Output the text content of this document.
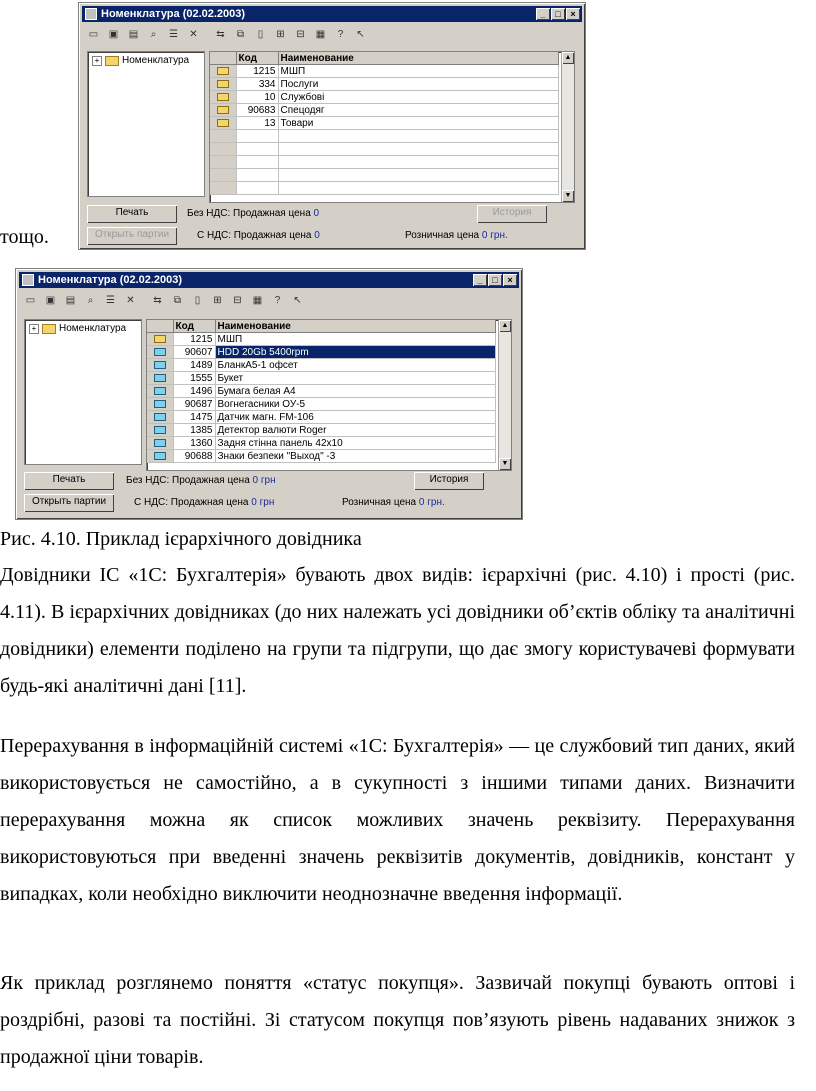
тощо.
Номенклатура (02.02.2003)	_	□	×
▭	▣	▤	⌕	☰	✕	⇆	⧉	▯	⊞	⊟	▦	?	↖
+ Номенклатура
		Код	Наименование

	1215	МШП

	334	Послуги

	10	Службові

	90683	Спецодяг

	13	Товари

▲
▼
Печать
Открыть партии
История
Без НДС: Продажная цена 0
С НДС: Продажная цена 0	Розничная цена 0 грн.
Номенклатура (02.02.2003)	_	□	×
▭	▣	▤	⌕	☰	✕	⇆	⧉	▯	⊞	⊟	▦	?	↖
+ Номенклатура
		Код	Наименование

	1215	МШП

	90607	HDD 20Gb 5400rpm

	1489	БланкА5-1 офсет

	1555	Букет

	1496	Бумага белая А4

	90687	Вогнегасники ОУ-5

	1475	Датчик магн. FM-106

	1385	Детектор валюти Roger

	1360	Задня стінна панель 42х10

	90688	Знаки безпеки "Выход" -3
▲
▼
Печать
Открыть партии
История
Без НДС: Продажная цена 0 грн
С НДС: Продажная цена 0 грн	Розничная цена 0 грн.
Рис. 4.10. Приклад ієрархічного довідника

Довідники ІС «1С: Бухгалтерія» бувають двох видів: ієрархічні (рис. 4.10) і прості (рис. 4.11). В ієрархічних довідниках (до них належать усі довідники об’єктів обліку та аналітичні довідники) елементи поділено на групи та підгрупи, що дає змогу користувачеві формувати будь-які аналітичні дані [11].

Перерахування в інформаційній системі «1С: Бухгалтерія» — це службовий тип даних, який використовується не самостійно, а в сукупності з іншими типами даних. Визначити перерахування можна як список можливих значень реквізиту. Перерахування використовуються при введенні значень реквізитів документів, довідників, констант у випадках, коли необхідно виключити неоднозначне введення інформації.

Як приклад розглянемо поняття «статус покупця». Зазвичай покупці бувають оптові і роздрібні, разові та постійні. Зі статусом покупця пов’язують рівень надаваних знижок з продажної ціни товарів.
